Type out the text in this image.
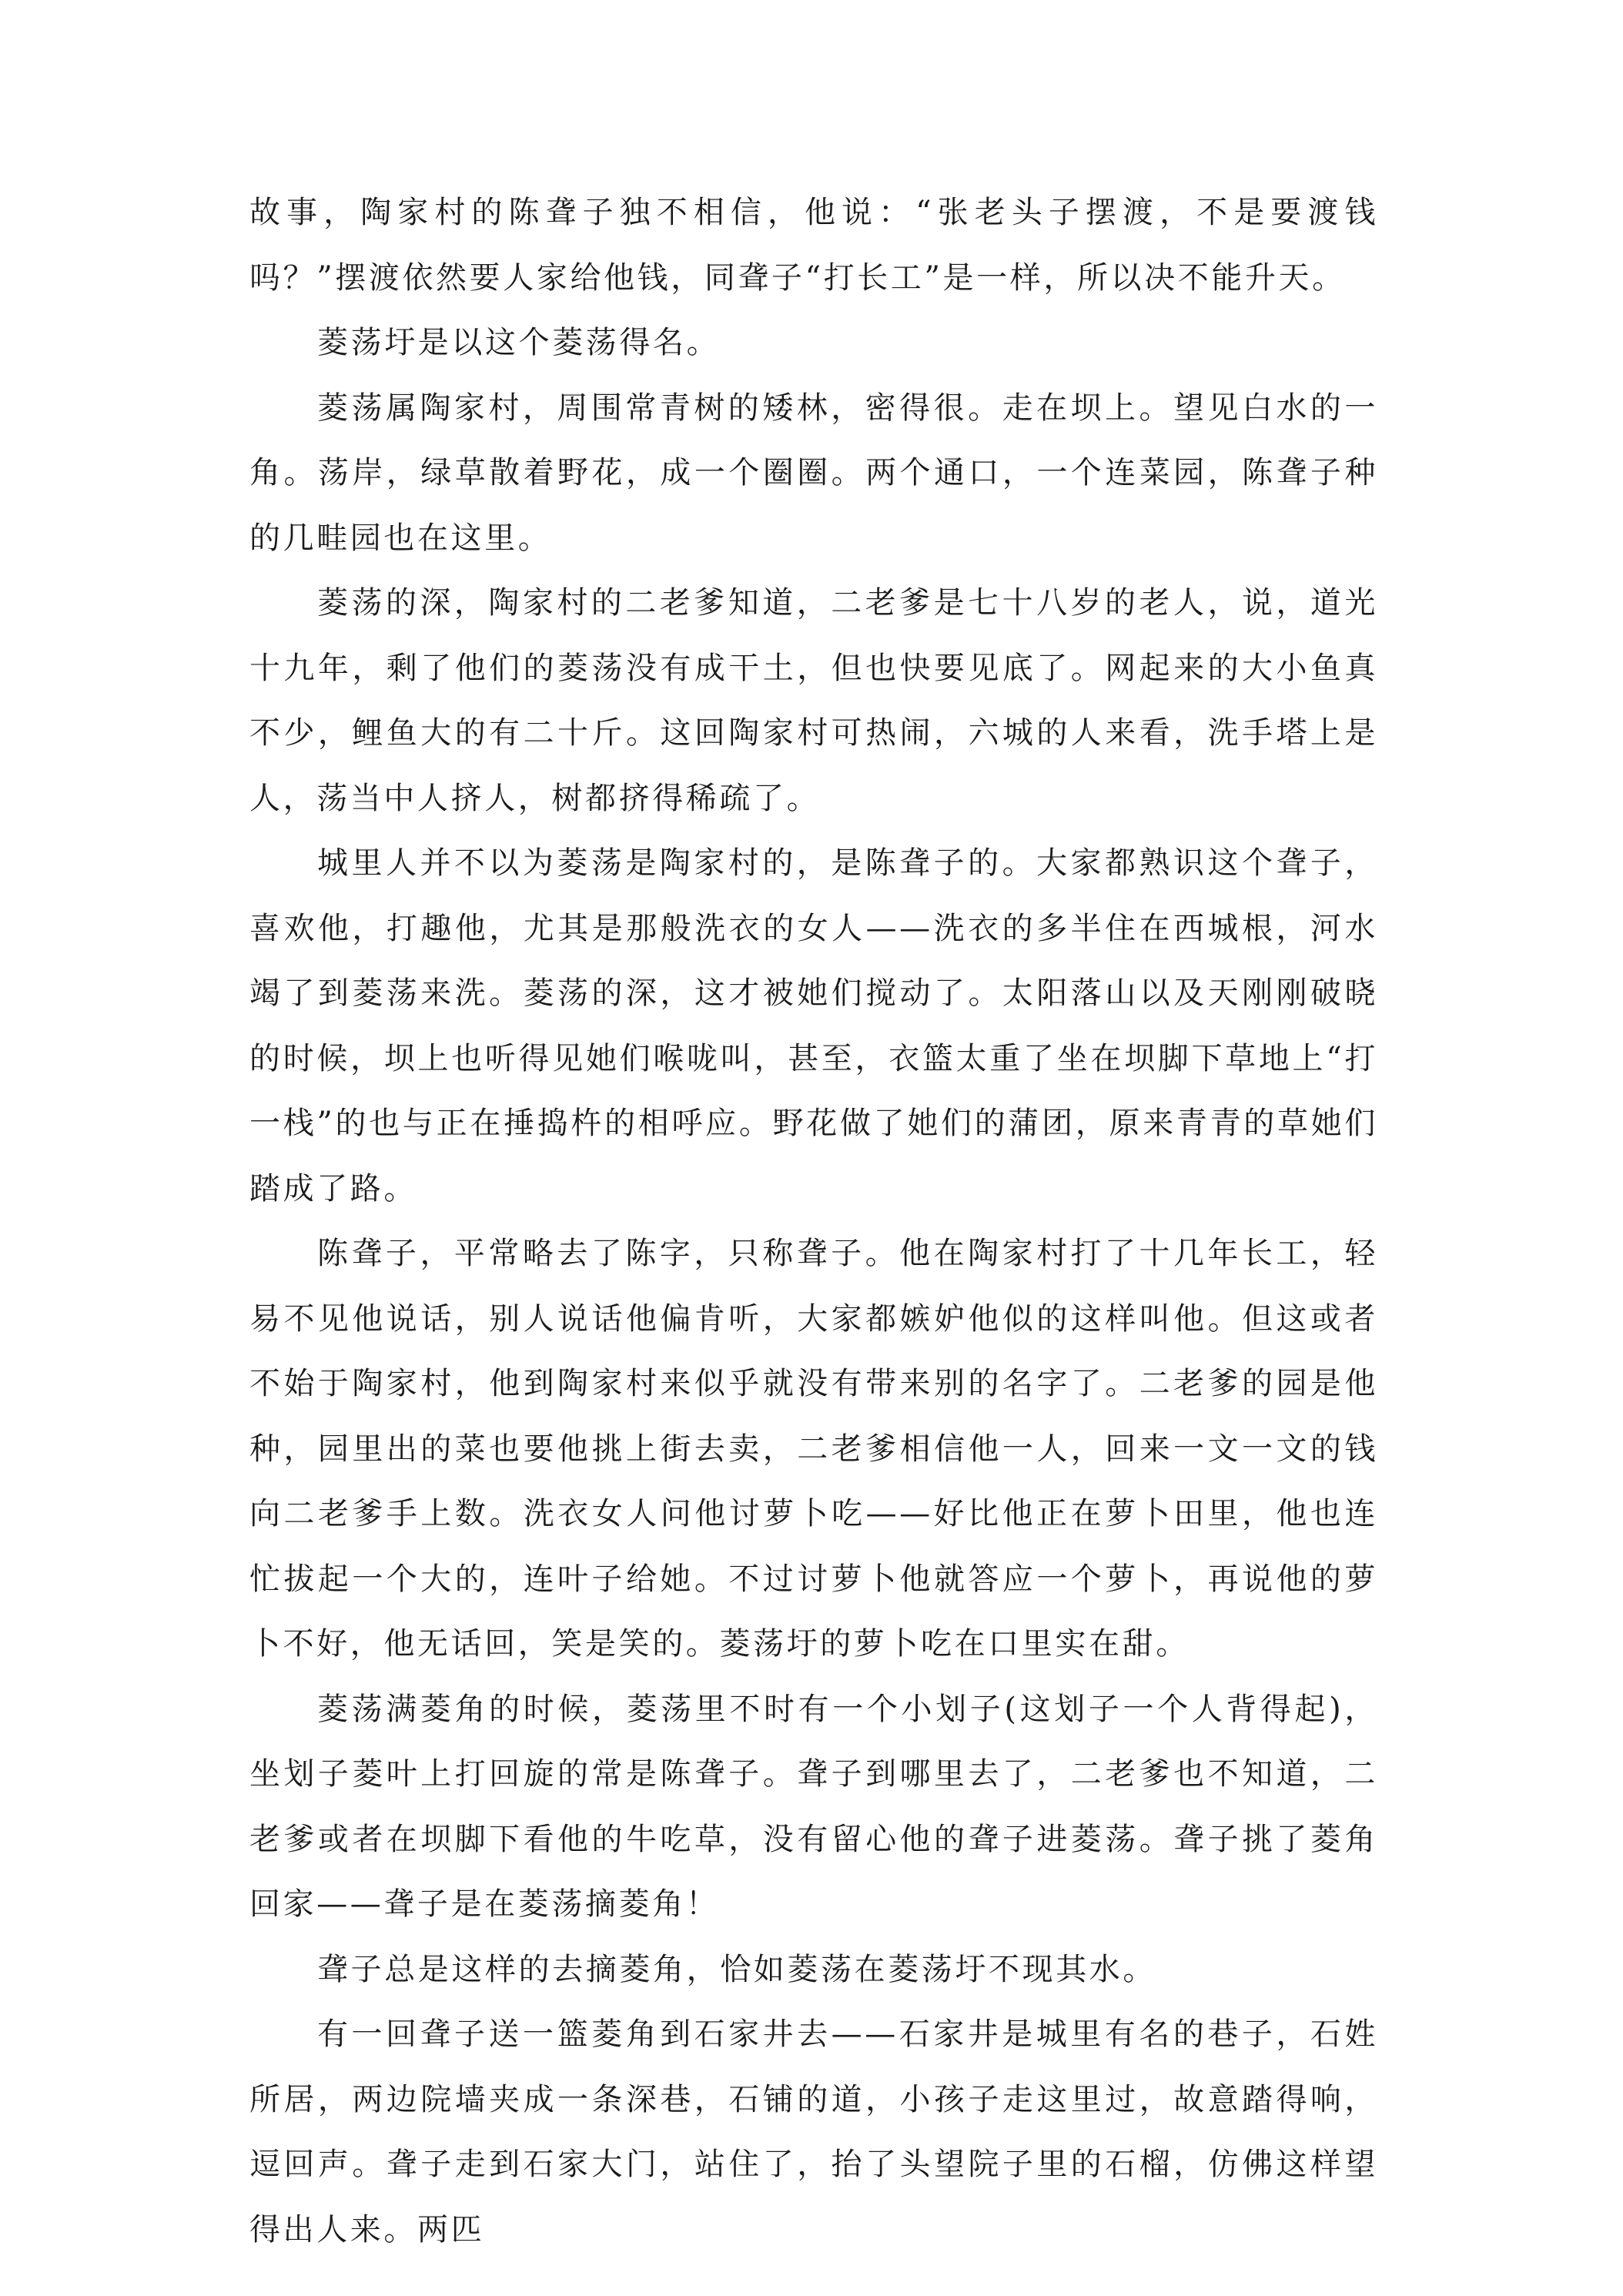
故事，陶家村的陈聋子独不相信，他说：“张老头子摆渡，不是要渡钱吗？”摆渡依然要人家给他钱，同聋子“打长工”是一样，所以决不能升天。

菱荡圩是以这个菱荡得名。

菱荡属陶家村，周围常青树的矮林，密得很。走在坝上。望见白水的一角。荡岸，绿草散着野花，成一个圈圈。两个通口，一个连菜园，陈聋子种的几畦园也在这里。

菱荡的深，陶家村的二老爹知道，二老爹是七十八岁的老人，说，道光十九年，剩了他们的菱荡没有成干土，但也快要见底了。网起来的大小鱼真不少，鲤鱼大的有二十斤。这回陶家村可热闹，六城的人来看，洗手塔上是人，荡当中人挤人，树都挤得稀疏了。

城里人并不以为菱荡是陶家村的，是陈聋子的。大家都熟识这个聋子，喜欢他，打趣他，尤其是那般洗衣的女人——洗衣的多半住在西城根，河水竭了到菱荡来洗。菱荡的深，这才被她们搅动了。太阳落山以及天刚刚破晓的时候，坝上也听得见她们喉咙叫，甚至，衣篮太重了坐在坝脚下草地上“打一栈”的也与正在捶捣杵的相呼应。野花做了她们的蒲团，原来青青的草她们踏成了路。

陈聋子，平常略去了陈字，只称聋子。他在陶家村打了十几年长工，轻易不见他说话，别人说话他偏肯听，大家都嫉妒他似的这样叫他。但这或者不始于陶家村，他到陶家村来似乎就没有带来别的名字了。二老爹的园是他种，园里出的菜也要他挑上街去卖，二老爹相信他一人，回来一文一文的钱向二老爹手上数。洗衣女人问他讨萝卜吃——好比他正在萝卜田里，他也连忙拔起一个大的，连叶子给她。不过讨萝卜他就答应一个萝卜，再说他的萝卜不好，他无话回，笑是笑的。菱荡圩的萝卜吃在口里实在甜。

菱荡满菱角的时候，菱荡里不时有一个小划子(这划子一个人背得起)，坐划子菱叶上打回旋的常是陈聋子。聋子到哪里去了，二老爹也不知道，二老爹或者在坝脚下看他的牛吃草，没有留心他的聋子进菱荡。聋子挑了菱角回家——聋子是在菱荡摘菱角！

聋子总是这样的去摘菱角，恰如菱荡在菱荡圩不现其水。

有一回聋子送一篮菱角到石家井去——石家井是城里有名的巷子，石姓所居，两边院墙夹成一条深巷，石铺的道，小孩子走这里过，故意踏得响，逗回声。聋子走到石家大门，站住了，抬了头望院子里的石榴，仿佛这样望得出人来。两匹
